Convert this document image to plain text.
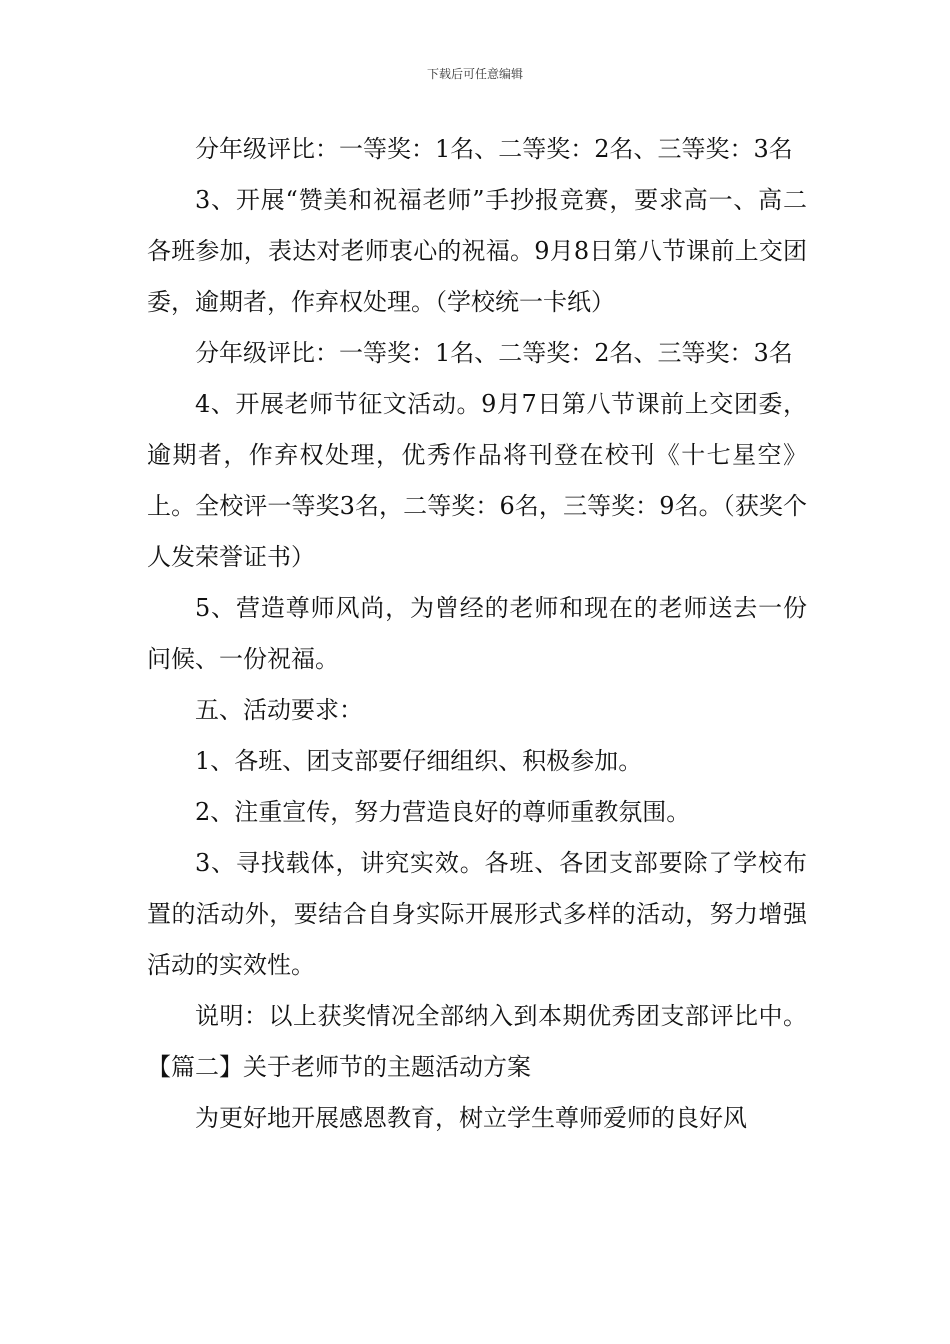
下载后可任意编辑

分年级评比：一等奖：1名、二等奖：2名、三等奖：3名

3、开展“赞美和祝福老师”手抄报竞赛，要求高一、高二各班参加，表达对老师衷心的祝福。9月8日第八节课前上交团委，逾期者，作弃权处理。（学校统一卡纸）

分年级评比：一等奖：1名、二等奖：2名、三等奖：3名

4、开展老师节征文活动。9月7日第八节课前上交团委，逾期者，作弃权处理，优秀作品将刊登在校刊《十七星空》上。全校评一等奖3名，二等奖：6名，三等奖：9名。（获奖个人发荣誉证书）

5、营造尊师风尚，为曾经的老师和现在的老师送去一份问候、一份祝福。

五、活动要求：

1、各班、团支部要仔细组织、积极参加。

2、注重宣传，努力营造良好的尊师重教氛围。

3、寻找载体，讲究实效。各班、各团支部要除了学校布置的活动外，要结合自身实际开展形式多样的活动，努力增强活动的实效性。

说明：以上获奖情况全部纳入到本期优秀团支部评比中。 【篇二】关于老师节的主题活动方案

为更好地开展感恩教育，树立学生尊师爱师的良好风
